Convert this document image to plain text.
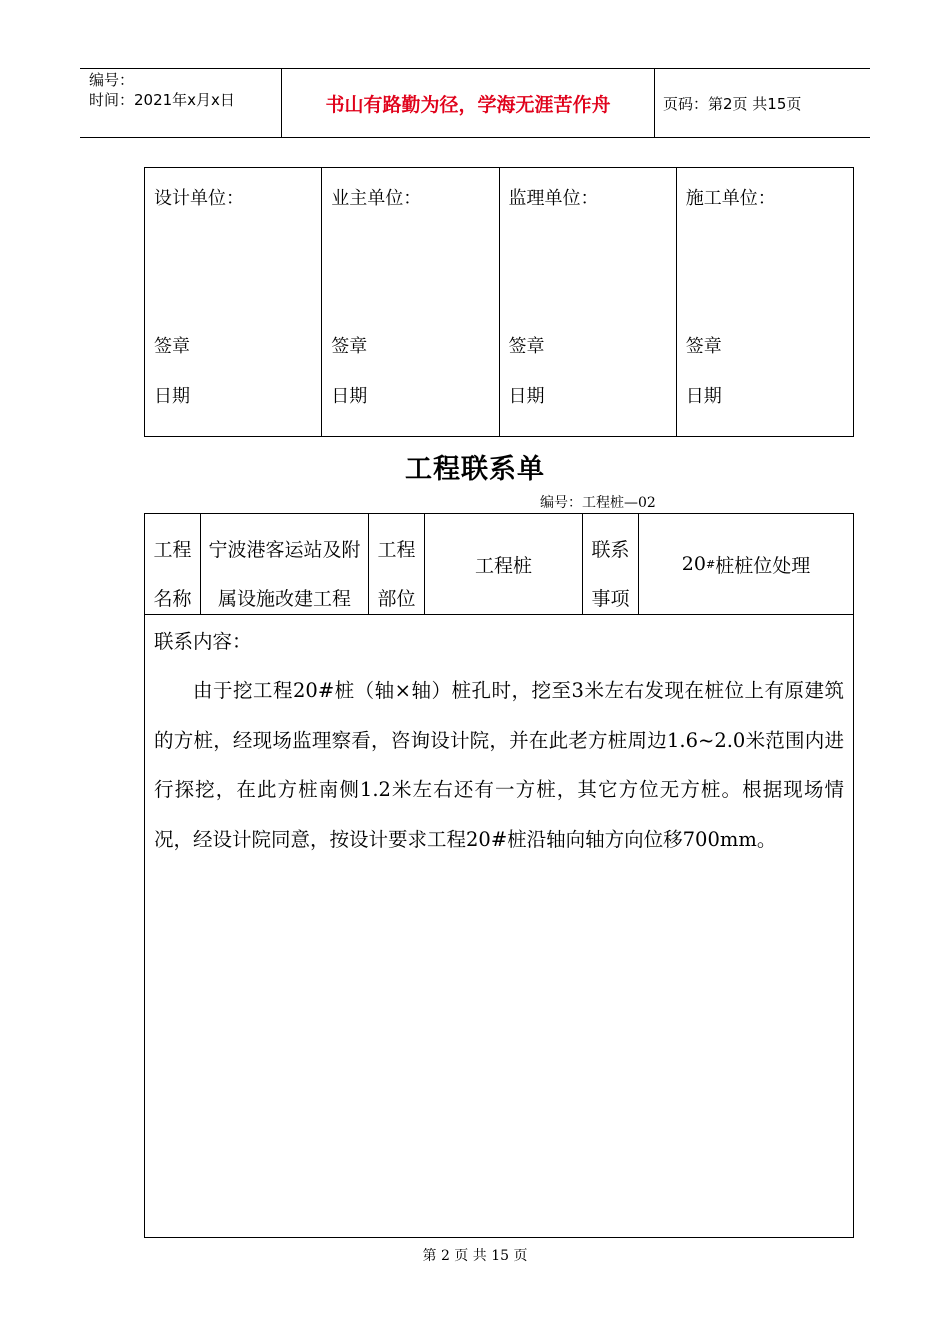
编号：
时间：2021年x月x日	书山有路勤为径，学海无涯苦作舟	页码：第2页 共15页
设计单位：
签章
日期
业主单位：
签章
日期
监理单位：
签章
日期
施工单位：
签章
日期
工程联系单
编号：工程桩—02
工程
名称
宁波港客运站及附
属设施改建工程
工程
部位
工程桩
联系
事项
20 # 桩桩位处理
联系内容：
由于挖工程20#桩（轴×轴）桩孔时，挖至3米左右发现在桩位上有原建筑的方桩，经现场监理察看，咨询设计院，并在此老方桩周边1.6~2.0米范围内进行探挖，在此方桩南侧1.2米左右还有一方桩，其它方位无方桩。根据现场情况，经设计院同意，按设计要求工程20#桩沿轴向轴方向位移700mm。
第 2 页 共 15 页
